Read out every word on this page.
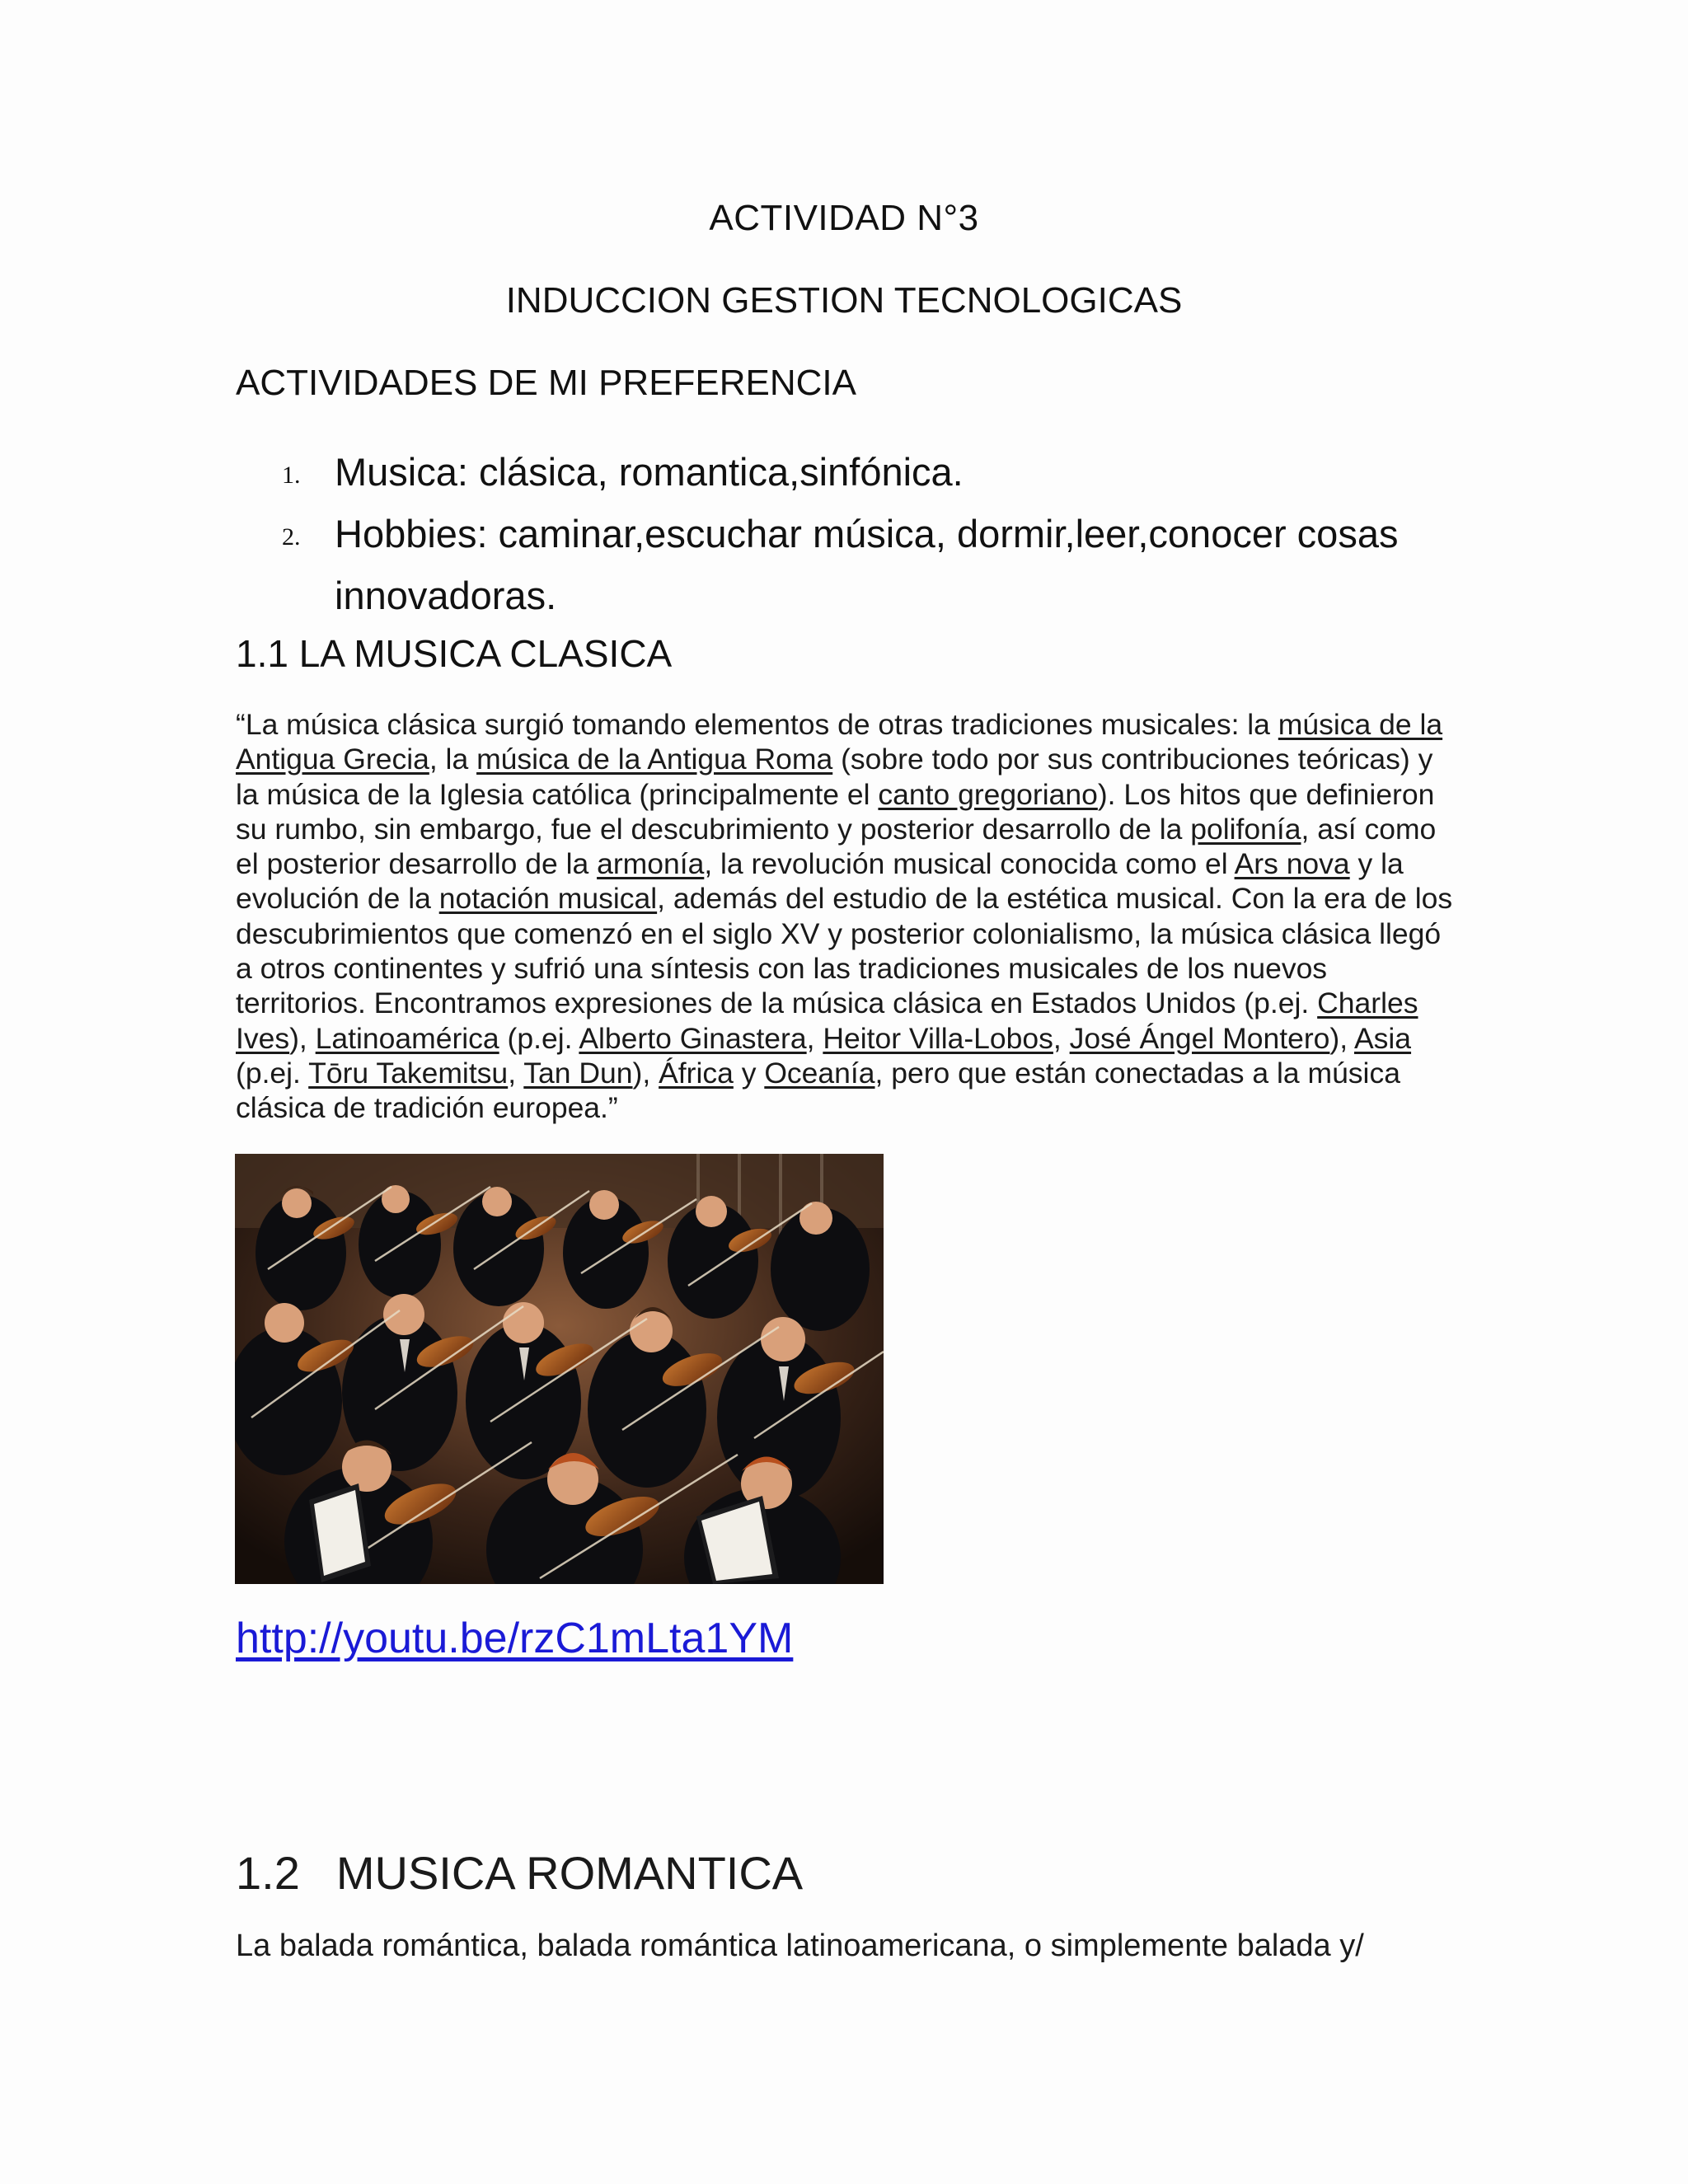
ACTIVIDAD N°3
INDUCCION GESTION TECNOLOGICAS
ACTIVIDADES DE MI PREFERENCIA
1. Musica: clásica, romantica,sinfónica.
2. Hobbies: caminar,escuchar música, dormir,leer,conocer cosas innovadoras.
1.1 LA MUSICA CLASICA
“La música clásica surgió tomando elementos de otras tradiciones musicales: la música de la Antigua Grecia, la música de la Antigua Roma (sobre todo por sus contribuciones teóricas) y la música de la Iglesia católica (principalmente el canto gregoriano). Los hitos que definieron su rumbo, sin embargo, fue el descubrimiento y posterior desarrollo de la polifonía, así como el posterior desarrollo de la armonía, la revolución musical conocida como el Ars nova y la evolución de la notación musical, además del estudio de la estética musical. Con la era de los descubrimientos que comenzó en el siglo XV y posterior colonialismo, la música clásica llegó a otros continentes y sufrió una síntesis con las tradiciones musicales de los nuevos territorios. Encontramos expresiones de la música clásica en Estados Unidos (p.ej. Charles Ives), Latinoamérica (p.ej. Alberto Ginastera, Heitor Villa-Lobos, José Ángel Montero), Asia (p.ej. Tōru Takemitsu, Tan Dun), África y Oceanía, pero que están conectadas a la música clásica de tradición europea.”
http://youtu.be/rzC1mLta1YM
1.2 MUSICA ROMANTICA
La balada romántica, balada romántica latinoamericana, o simplemente balada y/
